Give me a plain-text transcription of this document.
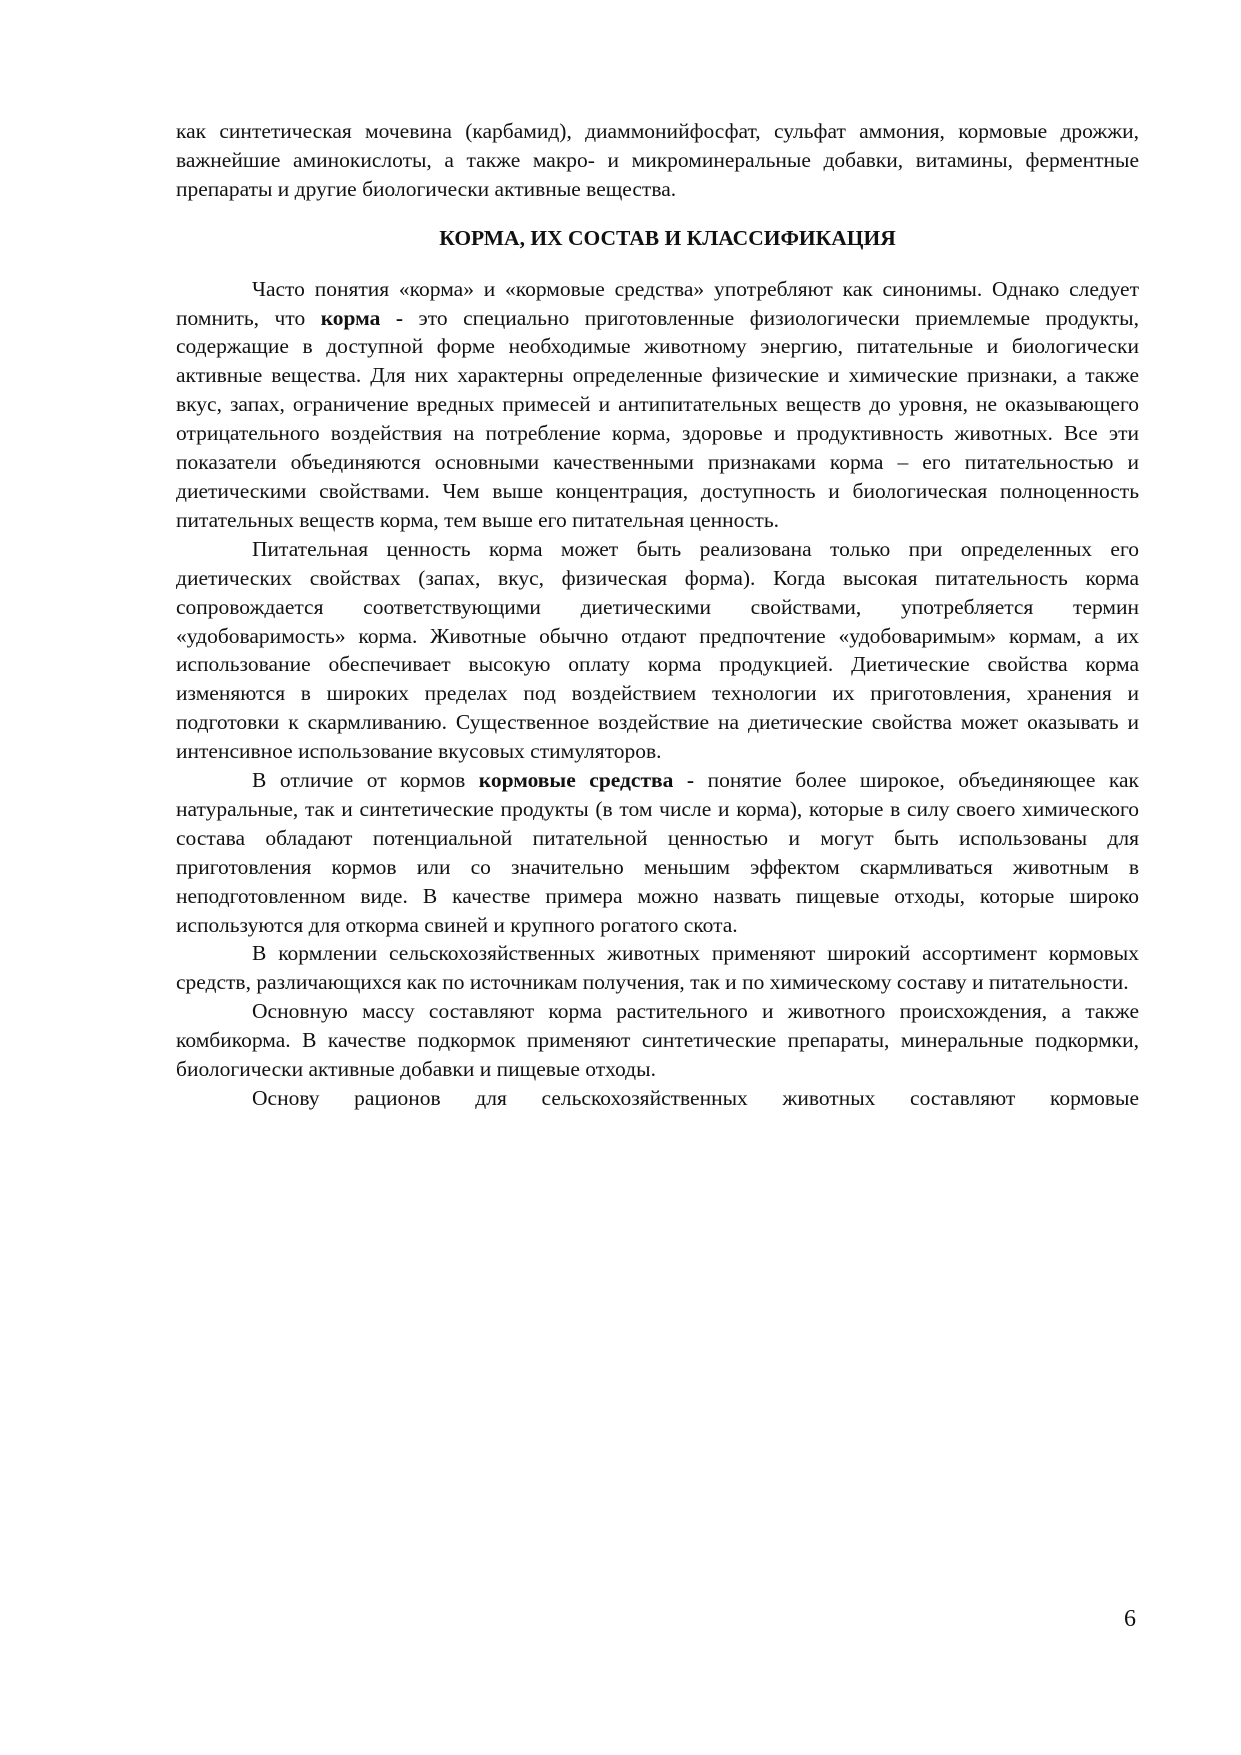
как синтетическая мочевина (карбамид), диаммонийфосфат, сульфат аммония, кормовые дрожжи, важнейшие аминокислоты, а также макро- и микроминеральные добавки, витамины, ферментные препараты и другие биологически активные вещества.

КОРМА, ИХ СОСТАВ И КЛАССИФИКАЦИЯ

Часто понятия «корма» и «кормовые средства» употребляют как синонимы. Однако следует помнить, что корма - это специально приготовленные физиологически приемлемые продукты, содержащие в доступной форме необходимые животному энергию, питательные и биологически активные вещества. Для них характерны определенные физические и химические признаки, а также вкус, запах, ограничение вредных примесей и антипитательных веществ до уровня, не оказывающего отрицательного воздействия на потребление корма, здоровье и продуктивность животных. Все эти показатели объединяются основными качественными признаками корма – его питательностью и диетическими свойствами. Чем выше концентрация, доступность и биологическая полноценность питательных веществ корма, тем выше его питательная ценность.

Питательная ценность корма может быть реализована только при определенных его диетических свойствах (запах, вкус, физическая форма). Когда высокая питательность корма сопровождается соответствующими диетическими свойствами, употребляется термин «удобоваримость» корма. Животные обычно отдают предпочтение «удобоваримым» кормам, а их использование обеспечивает высокую оплату корма продукцией. Диетические свойства корма изменяются в широких пределах под воздействием технологии их приготовления, хранения и подготовки к скармливанию. Существенное воздействие на диетические свойства может оказывать и интенсивное использование вкусовых стимуляторов.

В отличие от кормов кормовые средства - понятие более широкое, объединяющее как натуральные, так и синтетические продукты (в том числе и корма), которые в силу своего химического состава обладают потенциальной питательной ценностью и могут быть использованы для приготовления кормов или со значительно меньшим эффектом скармливаться животным в неподготовленном виде. В качестве примера можно назвать пищевые отходы, которые широко используются для откорма свиней и крупного рогатого скота.

В кормлении сельскохозяйственных животных применяют широкий ассортимент кормовых средств, различающихся как по источникам получения, так и по химическому составу и питательности.

Основную массу составляют корма растительного и животного происхождения, а также комбикорма. В качестве подкормок применяют синтетические препараты, минеральные подкормки, биологически активные добавки и пищевые отходы.

Основу рационов для сельскохозяйственных животных составляют кормовые

6
